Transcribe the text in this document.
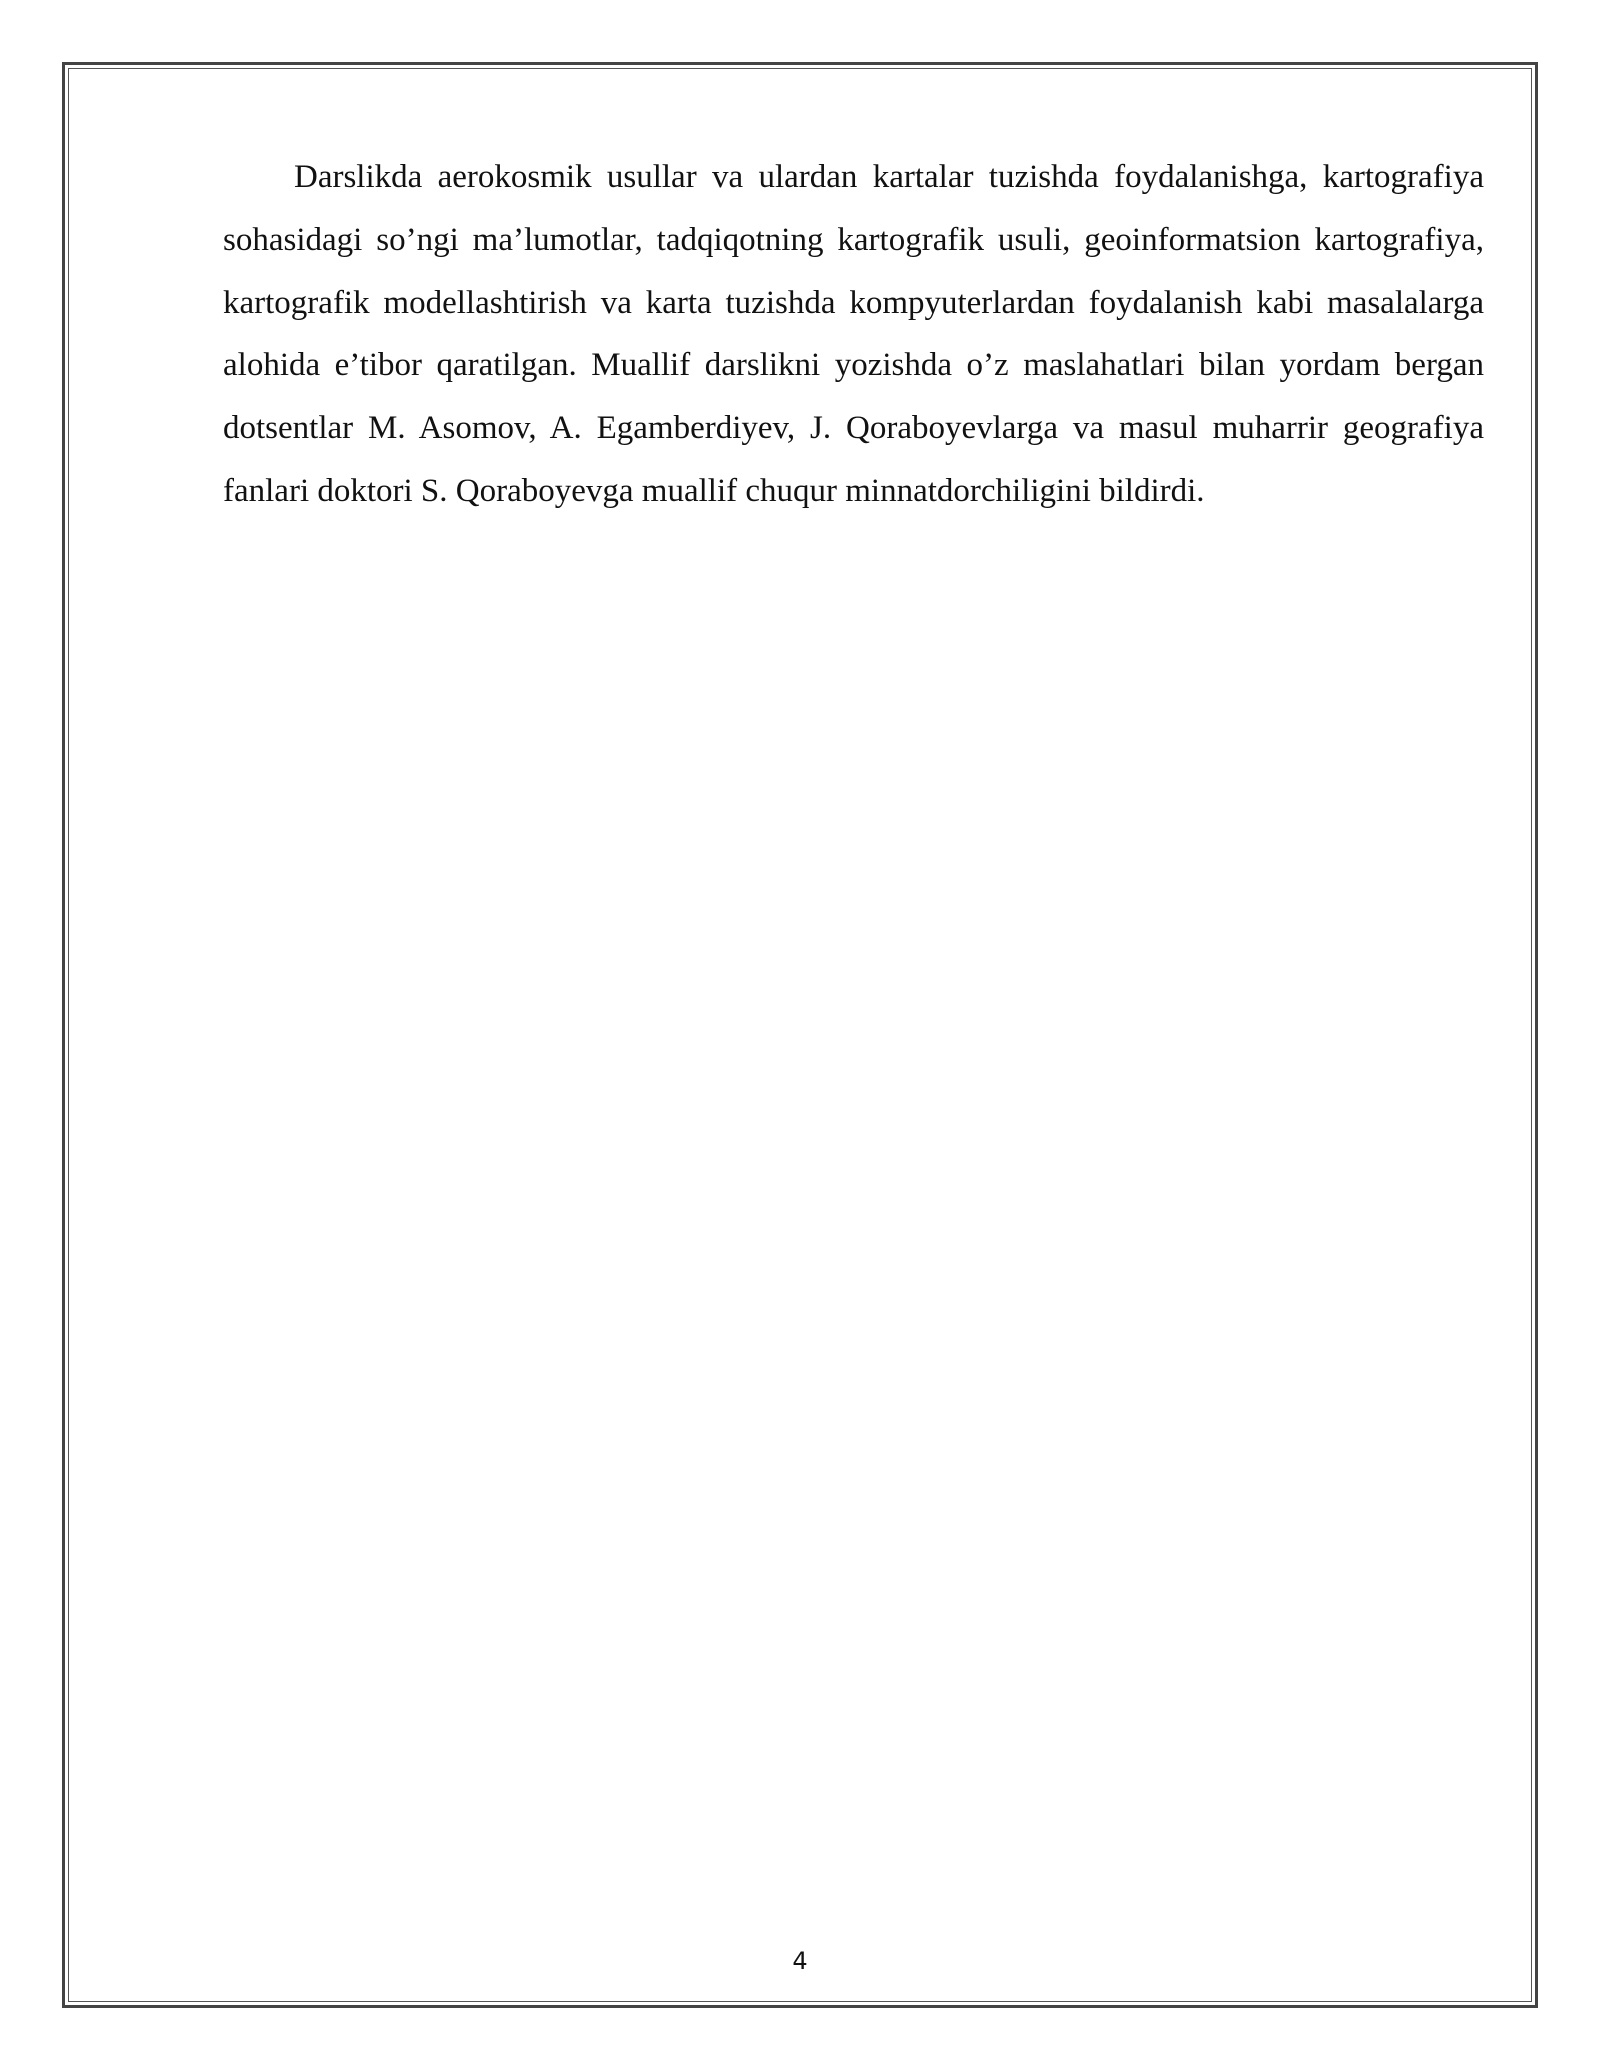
Darslikda aerokosmik usullar va ulardan kartalar tuzishda foydalanishga, kartografiya sohasidagi so’ngi ma’lumotlar, tadqiqotning kartografik usuli, geoinformatsion kartografiya, kartografik modellashtirish va karta tuzishda kompyuterlardan foydalanish kabi masalalarga alohida e’tibor qaratilgan. Muallif darslikni yozishda o’z maslahatlari bilan yordam bergan dotsentlar M. Asomov, A. Egamberdiyev, J. Qoraboyevlarga va masul muharrir geografiya fanlari doktori S. Qoraboyevga muallif chuqur minnatdorchiligini bildirdi.

4
